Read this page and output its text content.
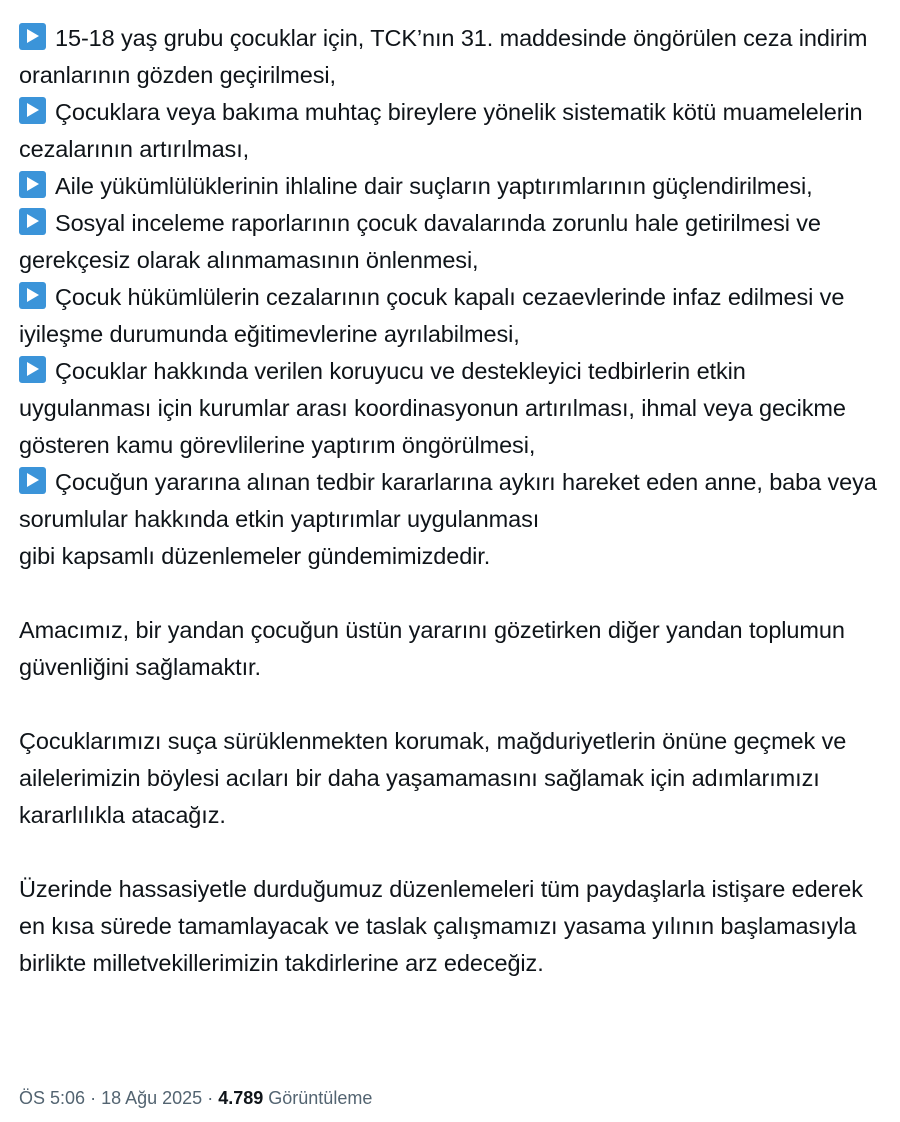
15-18 yaş grubu çocuklar için, TCK’nın 31. maddesinde öngörülen ceza indirim oranlarının gözden geçirilmesi,
Çocuklara veya bakıma muhtaç bireylere yönelik sistematik kötü muamelelerin cezalarının artırılması,
Aile yükümlülüklerinin ihlaline dair suçların yaptırımlarının güçlendirilmesi,
Sosyal inceleme raporlarının çocuk davalarında zorunlu hale getirilmesi ve gerekçesiz olarak alınmamasının önlenmesi,
Çocuk hükümlülerin cezalarının çocuk kapalı cezaevlerinde infaz edilmesi ve iyileşme durumunda eğitimevlerine ayrılabilmesi,
Çocuklar hakkında verilen koruyucu ve destekleyici tedbirlerin etkin uygulanması için kurumlar arası koordinasyonun artırılması, ihmal veya gecikme gösteren kamu görevlilerine yaptırım öngörülmesi,
Çocuğun yararına alınan tedbir kararlarına aykırı hareket eden anne, baba veya sorumlular hakkında etkin yaptırımlar uygulanması
gibi kapsamlı düzenlemeler gündemimizdedir.
Amacımız, bir yandan çocuğun üstün yararını gözetirken diğer yandan toplumun güvenliğini sağlamaktır.
Çocuklarımızı suça sürüklenmekten korumak, mağduriyetlerin önüne geçmek ve ailelerimizin böylesi acıları bir daha yaşamamasını sağlamak için adımlarımızı kararlılıkla atacağız.
Üzerinde hassasiyetle durduğumuz düzenlemeleri tüm paydaşlarla istişare ederek en kısa sürede tamamlayacak ve taslak çalışmamızı yasama yılının başlamasıyla birlikte milletvekillerimizin takdirlerine arz edeceğiz.
ÖS 5:06 · 18 Ağu 2025 · 4.789 Görüntüleme
